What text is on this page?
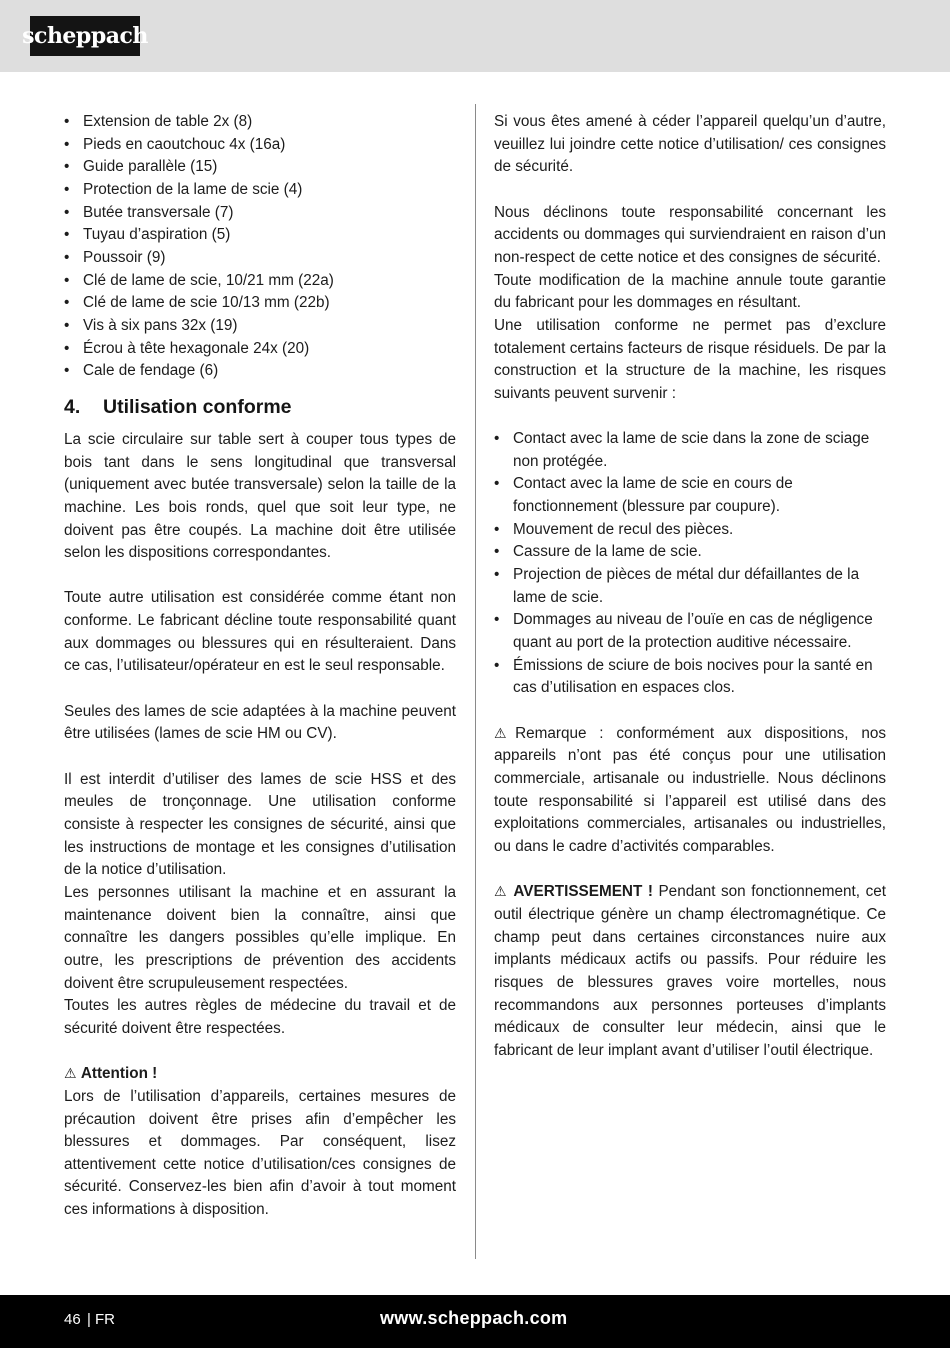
scheppach
• Extension de table 2x (8)
• Pieds en caoutchouc 4x (16a)
• Guide parallèle (15)
• Protection de la lame de scie (4)
• Butée transversale (7)
• Tuyau d’aspiration (5)
• Poussoir (9)
• Clé de lame de scie, 10/21 mm (22a)
• Clé de lame de scie 10/13 mm (22b)
• Vis à six pans 32x (19)
• Écrou à tête hexagonale 24x (20)
• Cale de fendage (6)
4.	Utilisation conforme

La scie circulaire sur table sert à couper tous types de bois tant dans le sens longitudinal que transversal (uniquement avec butée transversale) selon la taille de la machine. Les bois ronds, quel que soit leur type, ne doivent pas être coupés. La machine doit être utilisée selon les dispositions correspondantes.

Toute autre utilisation est considérée comme étant non conforme. Le fabricant décline toute responsabilité quant aux dommages ou blessures qui en résulteraient. Dans ce cas, l’utilisateur/opérateur en est le seul responsable.

Seules des lames de scie adaptées à la machine peuvent être utilisées (lames de scie HM ou CV).

Il est interdit d’utiliser des lames de scie HSS et des meules de tronçonnage. Une utilisation conforme consiste à respecter les consignes de sécurité, ainsi que les instructions de montage et les consignes d’utilisation de la notice d’utilisation.

Les personnes utilisant la machine et en assurant la maintenance doivent bien la connaître, ainsi que connaître les dangers possibles qu’elle implique. En outre, les prescriptions de prévention des accidents doivent être scrupuleusement respectées.

Toutes les autres règles de médecine du travail et de sécurité doivent être respectées.

⚠ Attention !

Lors de l’utilisation d’appareils, certaines mesures de précaution doivent être prises afin d’empêcher les blessures et dommages. Par conséquent, lisez attentivement cette notice d’utilisation/ces consignes de sécurité. Conservez-les bien afin d’avoir à tout moment ces informations à disposition.

Si vous êtes amené à céder l’appareil quelqu’un d’autre, veuillez lui joindre cette notice d’utilisation/ ces consignes de sécurité.

Nous déclinons toute responsabilité concernant les accidents ou dommages qui surviendraient en raison d’un non-respect de cette notice et des consignes de sécurité.

Toute modification de la machine annule toute garantie du fabricant pour les dommages en résultant.

Une utilisation conforme ne permet pas d’exclure totalement certains facteurs de risque résiduels. De par la construction et la structure de la machine, les risques suivants peuvent survenir :

• Contact avec la lame de scie dans la zone de sciage non protégée.
• Contact avec la lame de scie en cours de fonctionnement (blessure par coupure).
• Mouvement de recul des pièces.
• Cassure de la lame de scie.
• Projection de pièces de métal dur défaillantes de la lame de scie.
• Dommages au niveau de l’ouïe en cas de négligence quant au port de la protection auditive nécessaire.
• Émissions de sciure de bois nocives pour la santé en cas d’utilisation en espaces clos.

⚠Remarque : conformément aux dispositions, nos appareils n’ont pas été conçus pour une utilisation commerciale, artisanale ou industrielle. Nous déclinons toute responsabilité si l’appareil est utilisé dans des exploitations commerciales, artisanales ou industrielles, ou dans le cadre d’activités comparables.

⚠ AVERTISSEMENT ! Pendant son fonctionnement, cet outil électrique génère un champ électromagnétique. Ce champ peut dans certaines circonstances nuire aux implants médicaux actifs ou passifs. Pour réduire les risques de blessures graves voire mortelles, nous recommandons aux personnes porteuses d’implants médicaux de consulter leur médecin, ainsi que le fabricant de leur implant avant d’utiliser l’outil électrique.

46 | FR	www.scheppach.com
